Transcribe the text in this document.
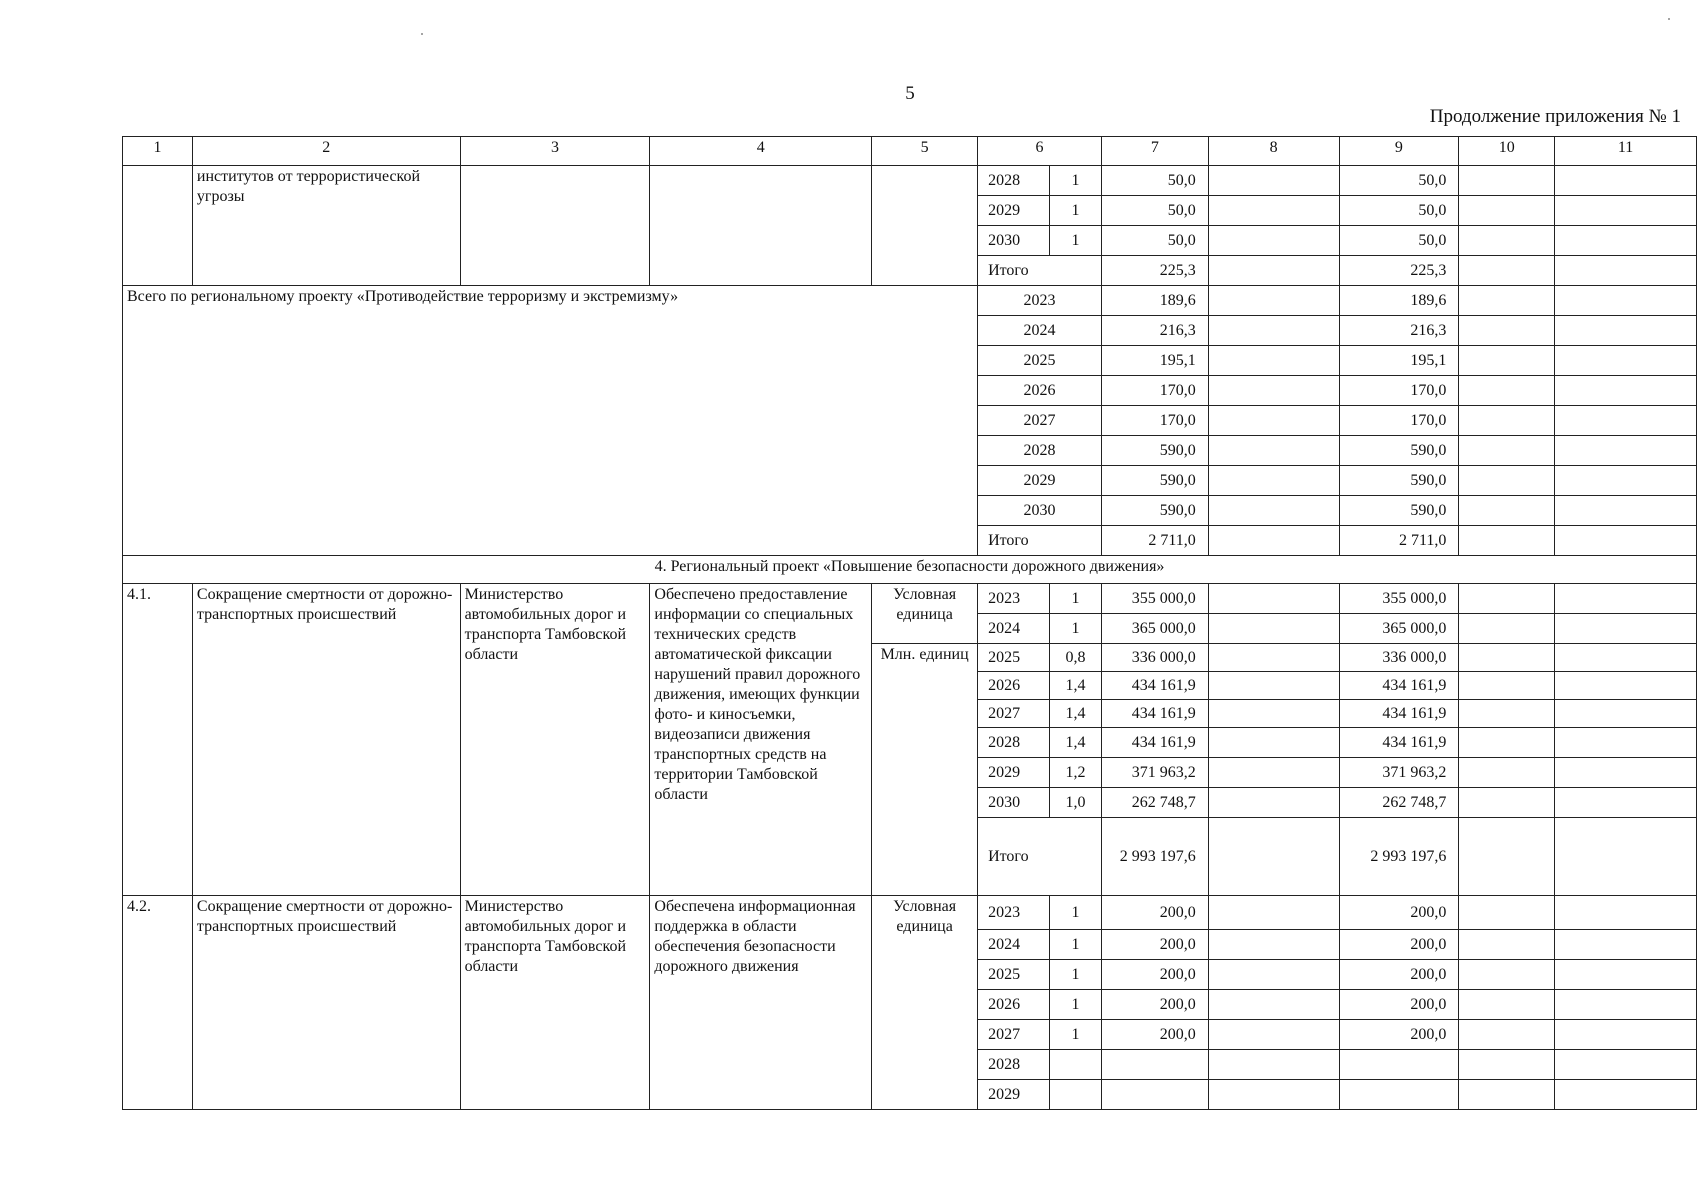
5
Продолжение приложения № 1
1	2	3	4	5	6		7	8	9	10	11
	институтов от террористической угрозы				2028	1	50,0		50,0		
					2029	1	50,0		50,0		
					2030	1	50,0		50,0		
					Итого		225,3		225,3		
Всего по региональному проекту «Противодействие терроризму и экстремизму»					2023		189,6		189,6		
					2024		216,3		216,3		
					2025		195,1		195,1		
					2026		170,0		170,0		
					2027		170,0		170,0		
					2028		590,0		590,0		
					2029		590,0		590,0		
					2030		590,0		590,0		
					Итого		2 711,0		2 711,0		
4. Региональный проект «Повышение безопасности дорожного движения»											
4.1.	Сокращение смертности от дорожно-транспортных происшествий	Министерство автомобильных дорог и транспорта Тамбовской области	Обеспечено предоставление информации со специальных технических средств автоматической фиксации нарушений правил дорожного движения, имеющих функции фото- и киносъемки, видеозаписи движения транспортных средств на территории Тамбовской области	Условная единица	2023	1	355 000,0		355 000,0		
					2024	1	365 000,0		365 000,0		
				Млн. единиц	2025	0,8	336 000,0		336 000,0		
					2026	1,4	434 161,9		434 161,9		
					2027	1,4	434 161,9		434 161,9		
					2028	1,4	434 161,9		434 161,9		
					2029	1,2	371 963,2		371 963,2		
					2030	1,0	262 748,7		262 748,7		
					Итого		2 993 197,6		2 993 197,6		
4.2.	Сокращение смертности от дорожно-транспортных происшествий	Министерство автомобильных дорог и транспорта Тамбовской области	Обеспечена информационная поддержка в области обеспечения безопасности дорожного движения	Условная единица	2023	1	200,0		200,0		
					2024	1	200,0		200,0		
					2025	1	200,0		200,0		
					2026	1	200,0		200,0		
					2027	1	200,0		200,0		
					2028						
					2029						
